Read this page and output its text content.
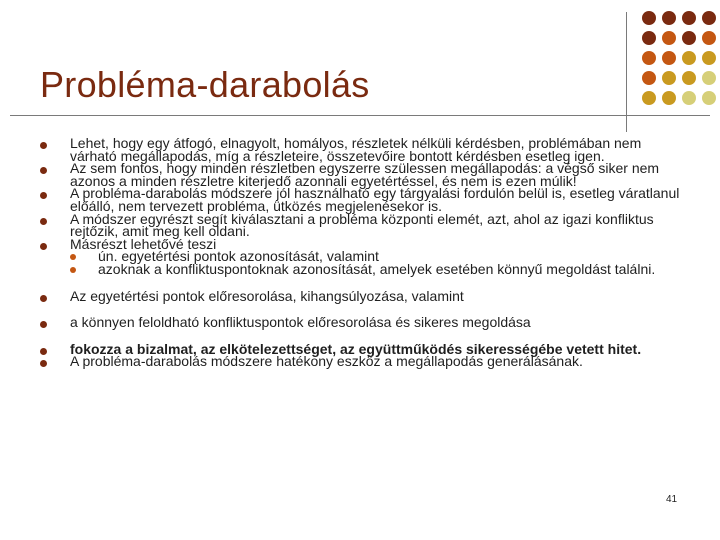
Probléma-darabolás
Lehet, hogy egy átfogó, elnagyolt, homályos, részletek nélküli kérdésben, problémában nem várható megállapodás, míg a részleteire, összetevőire bontott kérdésben esetleg igen.
Az sem fontos, hogy minden részletben egyszerre szülessen megállapodás: a végső siker nem azonos a minden részletre kiterjedő azonnali egyetértéssel, és nem is ezen múlik!
A probléma-darabolás módszere jól használható egy tárgyalási fordulón belül is, esetleg váratlanul előálló, nem tervezett probléma, ütközés megjelenésekor is.
A módszer egyrészt segít kiválasztani a probléma központi elemét, azt, ahol az igazi konfliktus rejtőzik, amit meg kell oldani.
Másrészt lehetővé teszi
ún. egyetértési pontok azonosítását, valamint
azoknak a konfliktuspontoknak azonosítását, amelyek esetében könnyű megoldást találni.
Az egyetértési pontok előresorolása, kihangsúlyozása, valamint
a könnyen feloldható konfliktuspontok előresorolása és sikeres megoldása
fokozza a bizalmat, az elkötelezettséget, az együttműködés sikerességébe vetett hitet.
A probléma-darabolás módszere hatékony eszköz a megállapodás generálásának.
41
